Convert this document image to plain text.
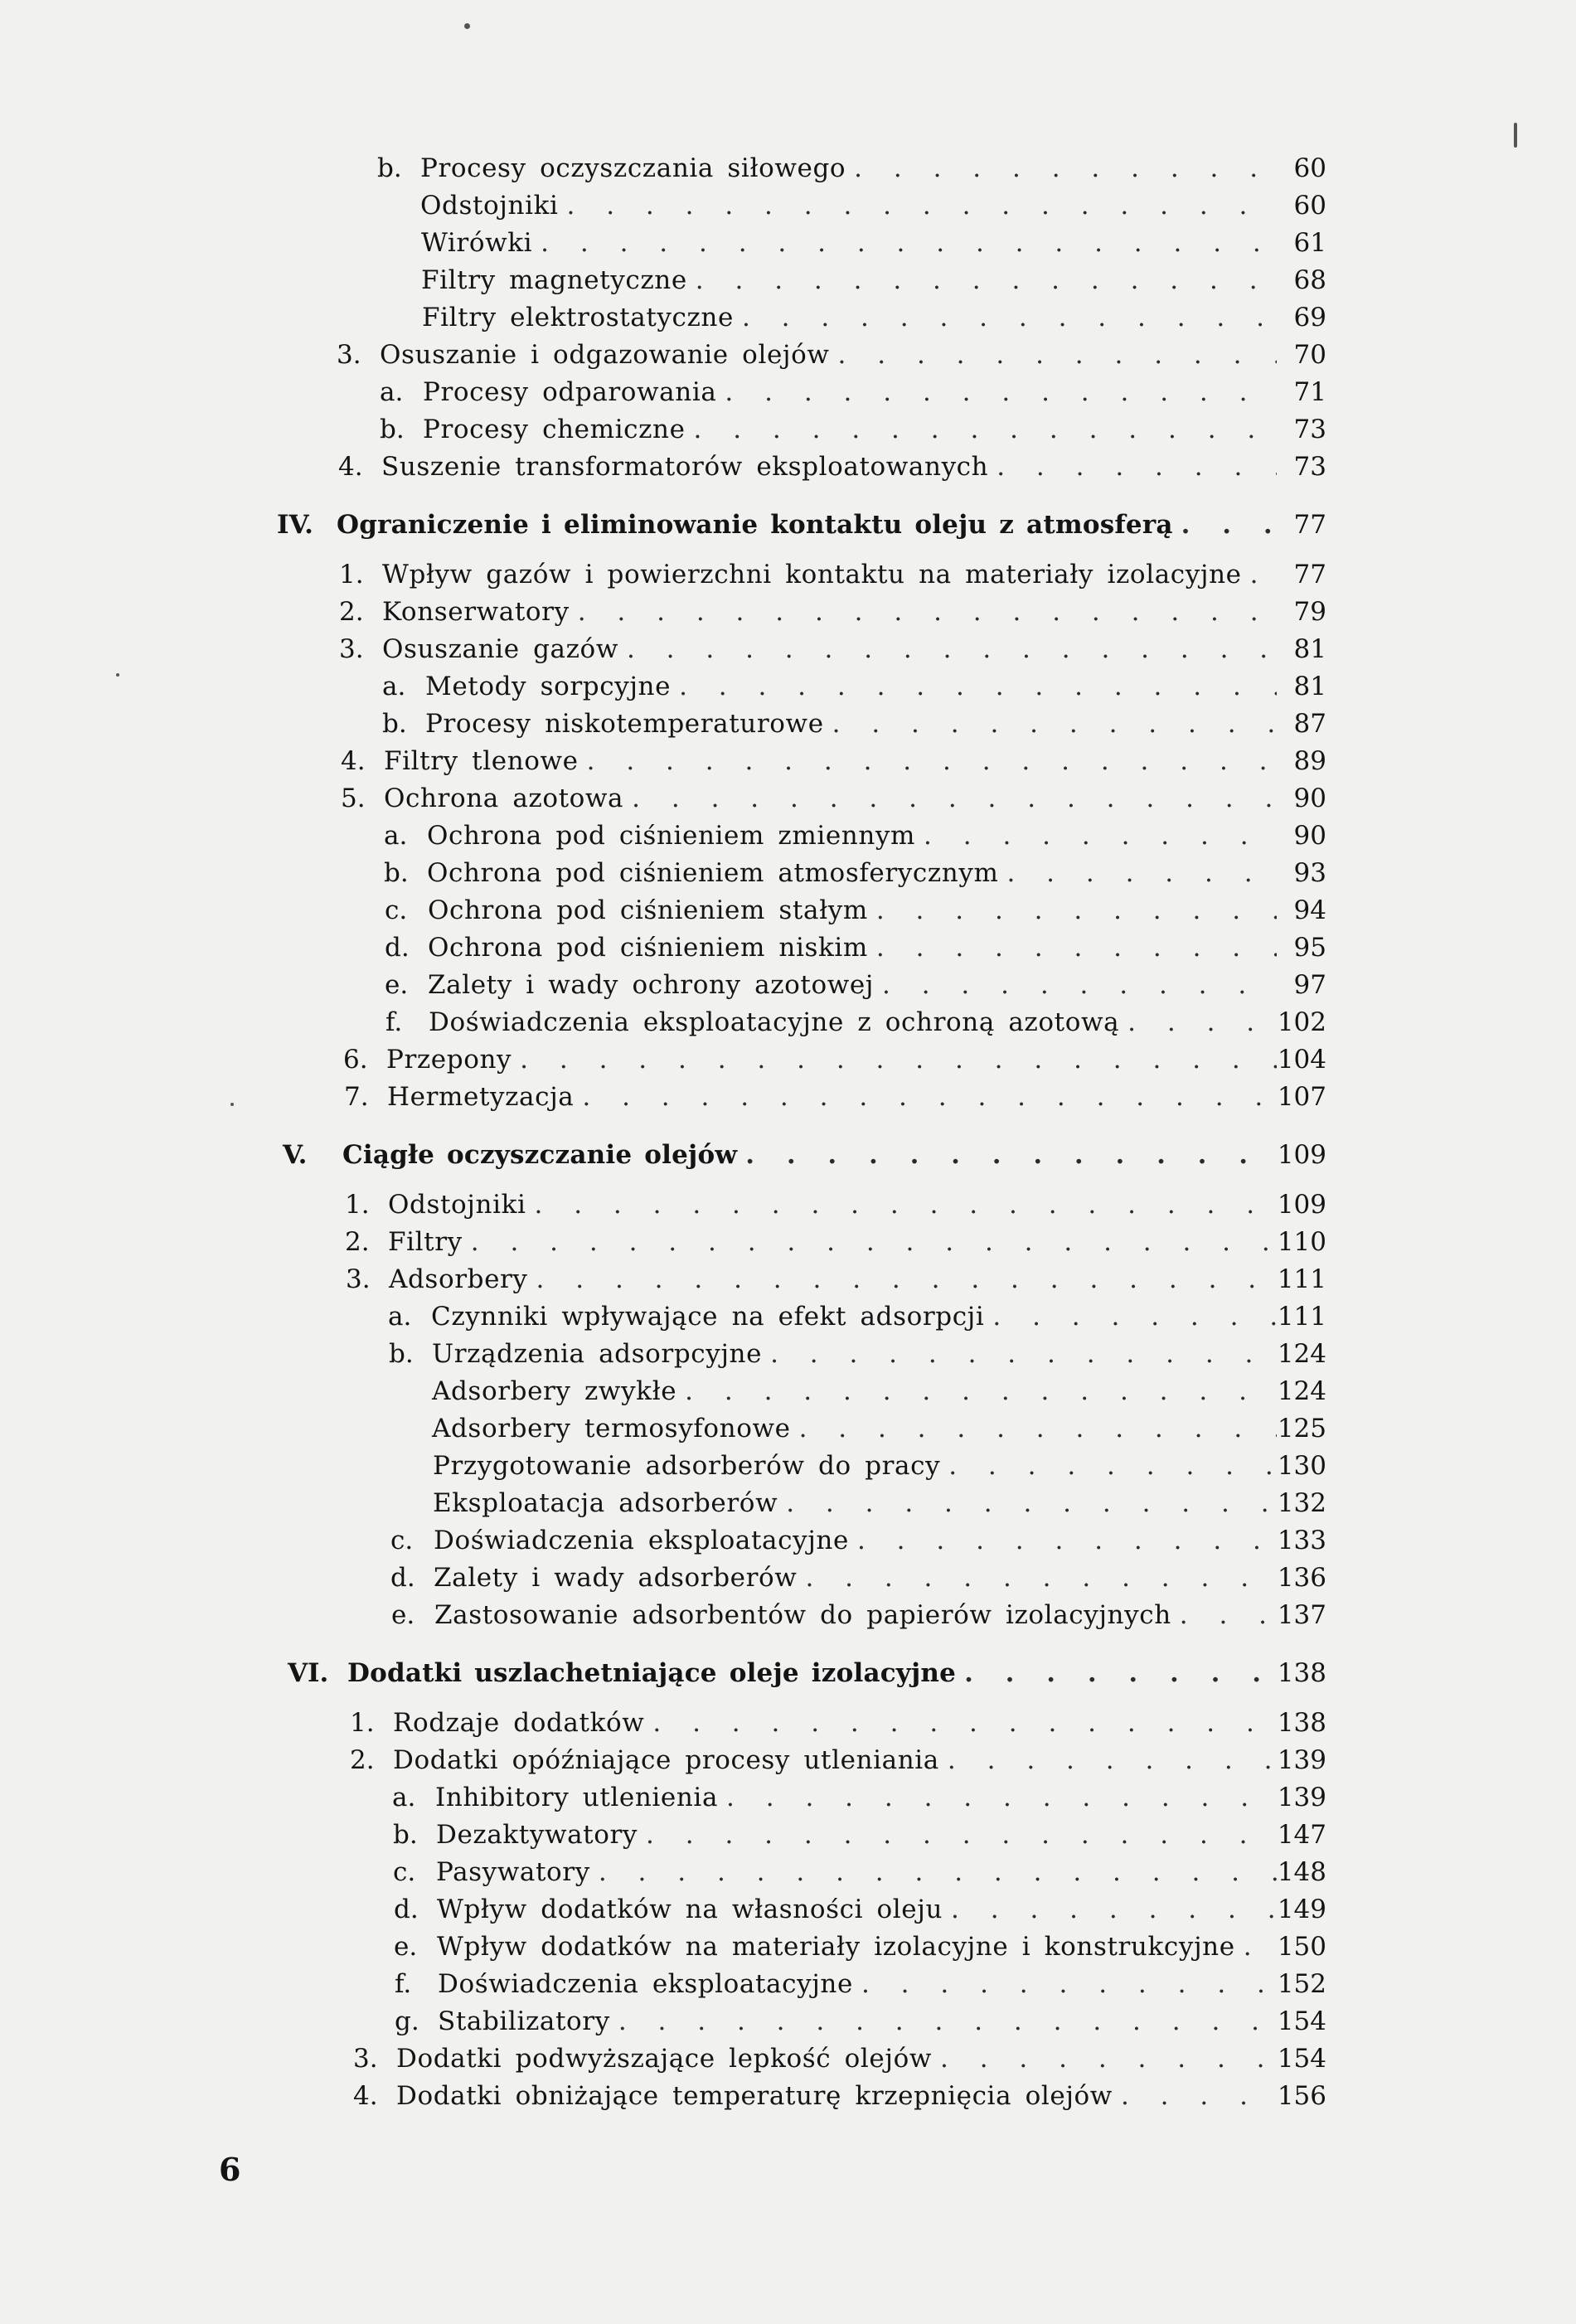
b. Procesy oczyszczania siłowego . . .	60
Odstojniki . . .	60
Wirówki . . .	61
Filtry magnetyczne . . .	68
Filtry elektrostatyczne . . .	69
3. Osuszanie i odgazowanie olejów . . .	70
a. Procesy odparowania . . .	71
b. Procesy chemiczne . . .	73
4. Suszenie transformatorów eksploatowanych . . .	73
IV. Ograniczenie i eliminowanie kontaktu oleju z atmosferą . . .	77
1. Wpływ gazów i powierzchni kontaktu na materiały izolacyjne . . .	77
2. Konserwatory . . .	79
3. Osuszanie gazów . . .	81
a. Metody sorpcyjne . . .	81
b. Procesy niskotemperaturowe . . .	87
4. Filtry tlenowe . . .	89
5. Ochrona azotowa . . .	90
a. Ochrona pod ciśnieniem zmiennym . . .	90
b. Ochrona pod ciśnieniem atmosferycznym . . .	93
c. Ochrona pod ciśnieniem stałym . . .	94
d. Ochrona pod ciśnieniem niskim . . .	95
e. Zalety i wady ochrony azotowej . . .	97
f.	Doświadczenia eksploatacyjne z ochroną azotową . . .	102
6. Przepony . . .	104
7. Hermetyzacja . . .	107
V.	Ciągłe oczyszczanie olejów . . .	109
1. Odstojniki . . .	109
2. Filtry . . .	110
3. Adsorbery . . .	111
a. Czynniki wpływające na efekt adsorpcji . . .	111
b. Urządzenia adsorpcyjne . . .	124
Adsorbery zwykłe . . .	124
Adsorbery termosyfonowe . . .	125
Przygotowanie adsorberów do pracy . . .	130
Eksploatacja adsorberów . . .	132
c. Doświadczenia eksploatacyjne . . .	133
d. Zalety i wady adsorberów . . .	136
e. Zastosowanie adsorbentów do papierów izolacyjnych . . .	137
VI. Dodatki uszlachetniające oleje izolacyjne . . .	138
1. Rodzaje dodatków . . .	138
2. Dodatki opóźniające procesy utleniania . . .	139
a. Inhibitory utlenienia . . .	139
b. Dezaktywatory . . .	147
c. Pasywatory . . .	148
d. Wpływ dodatków na własności oleju . . .	149
e. Wpływ dodatków na materiały izolacyjne i konstrukcyjne . . . 150
f.	Doświadczenia eksploatacyjne . . .	152
g. Stabilizatory . . .	154
3. Dodatki podwyższające lepkość olejów . . .	154
4. Dodatki obniżające temperaturę krzepnięcia olejów . . .	156
6
